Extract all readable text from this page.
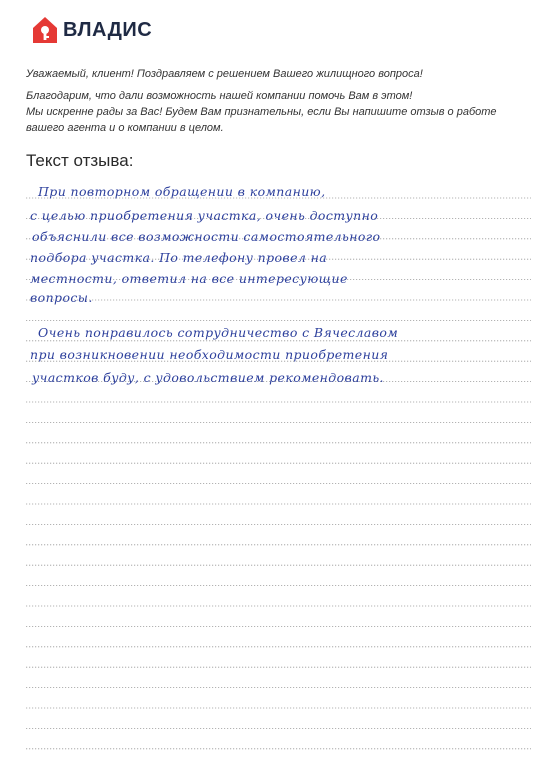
ВЛАДИС

Уважаемый, клиент! Поздравляем с решением Вашего жилищного вопроса!

Благодарим, что дали возможность нашей компании помочь Вам в этом!
Мы искренне рады за Вас! Будем Вам признательны, если Вы напишите отзыв о работе
вашего агента и о компании в целом.

Текст отзыва:
При повторном обращении в компанию,
с целью приобретения участка, очень доступно
объяснили все возможности самостоятельного
подбора участка. По телефону провел на
местности, ответил на все интересующие
вопросы.
Очень понравилось сотрудничество с Вячеславом
при возникновении необходимости приобретения
участков буду, с удовольствием рекомендовать.
